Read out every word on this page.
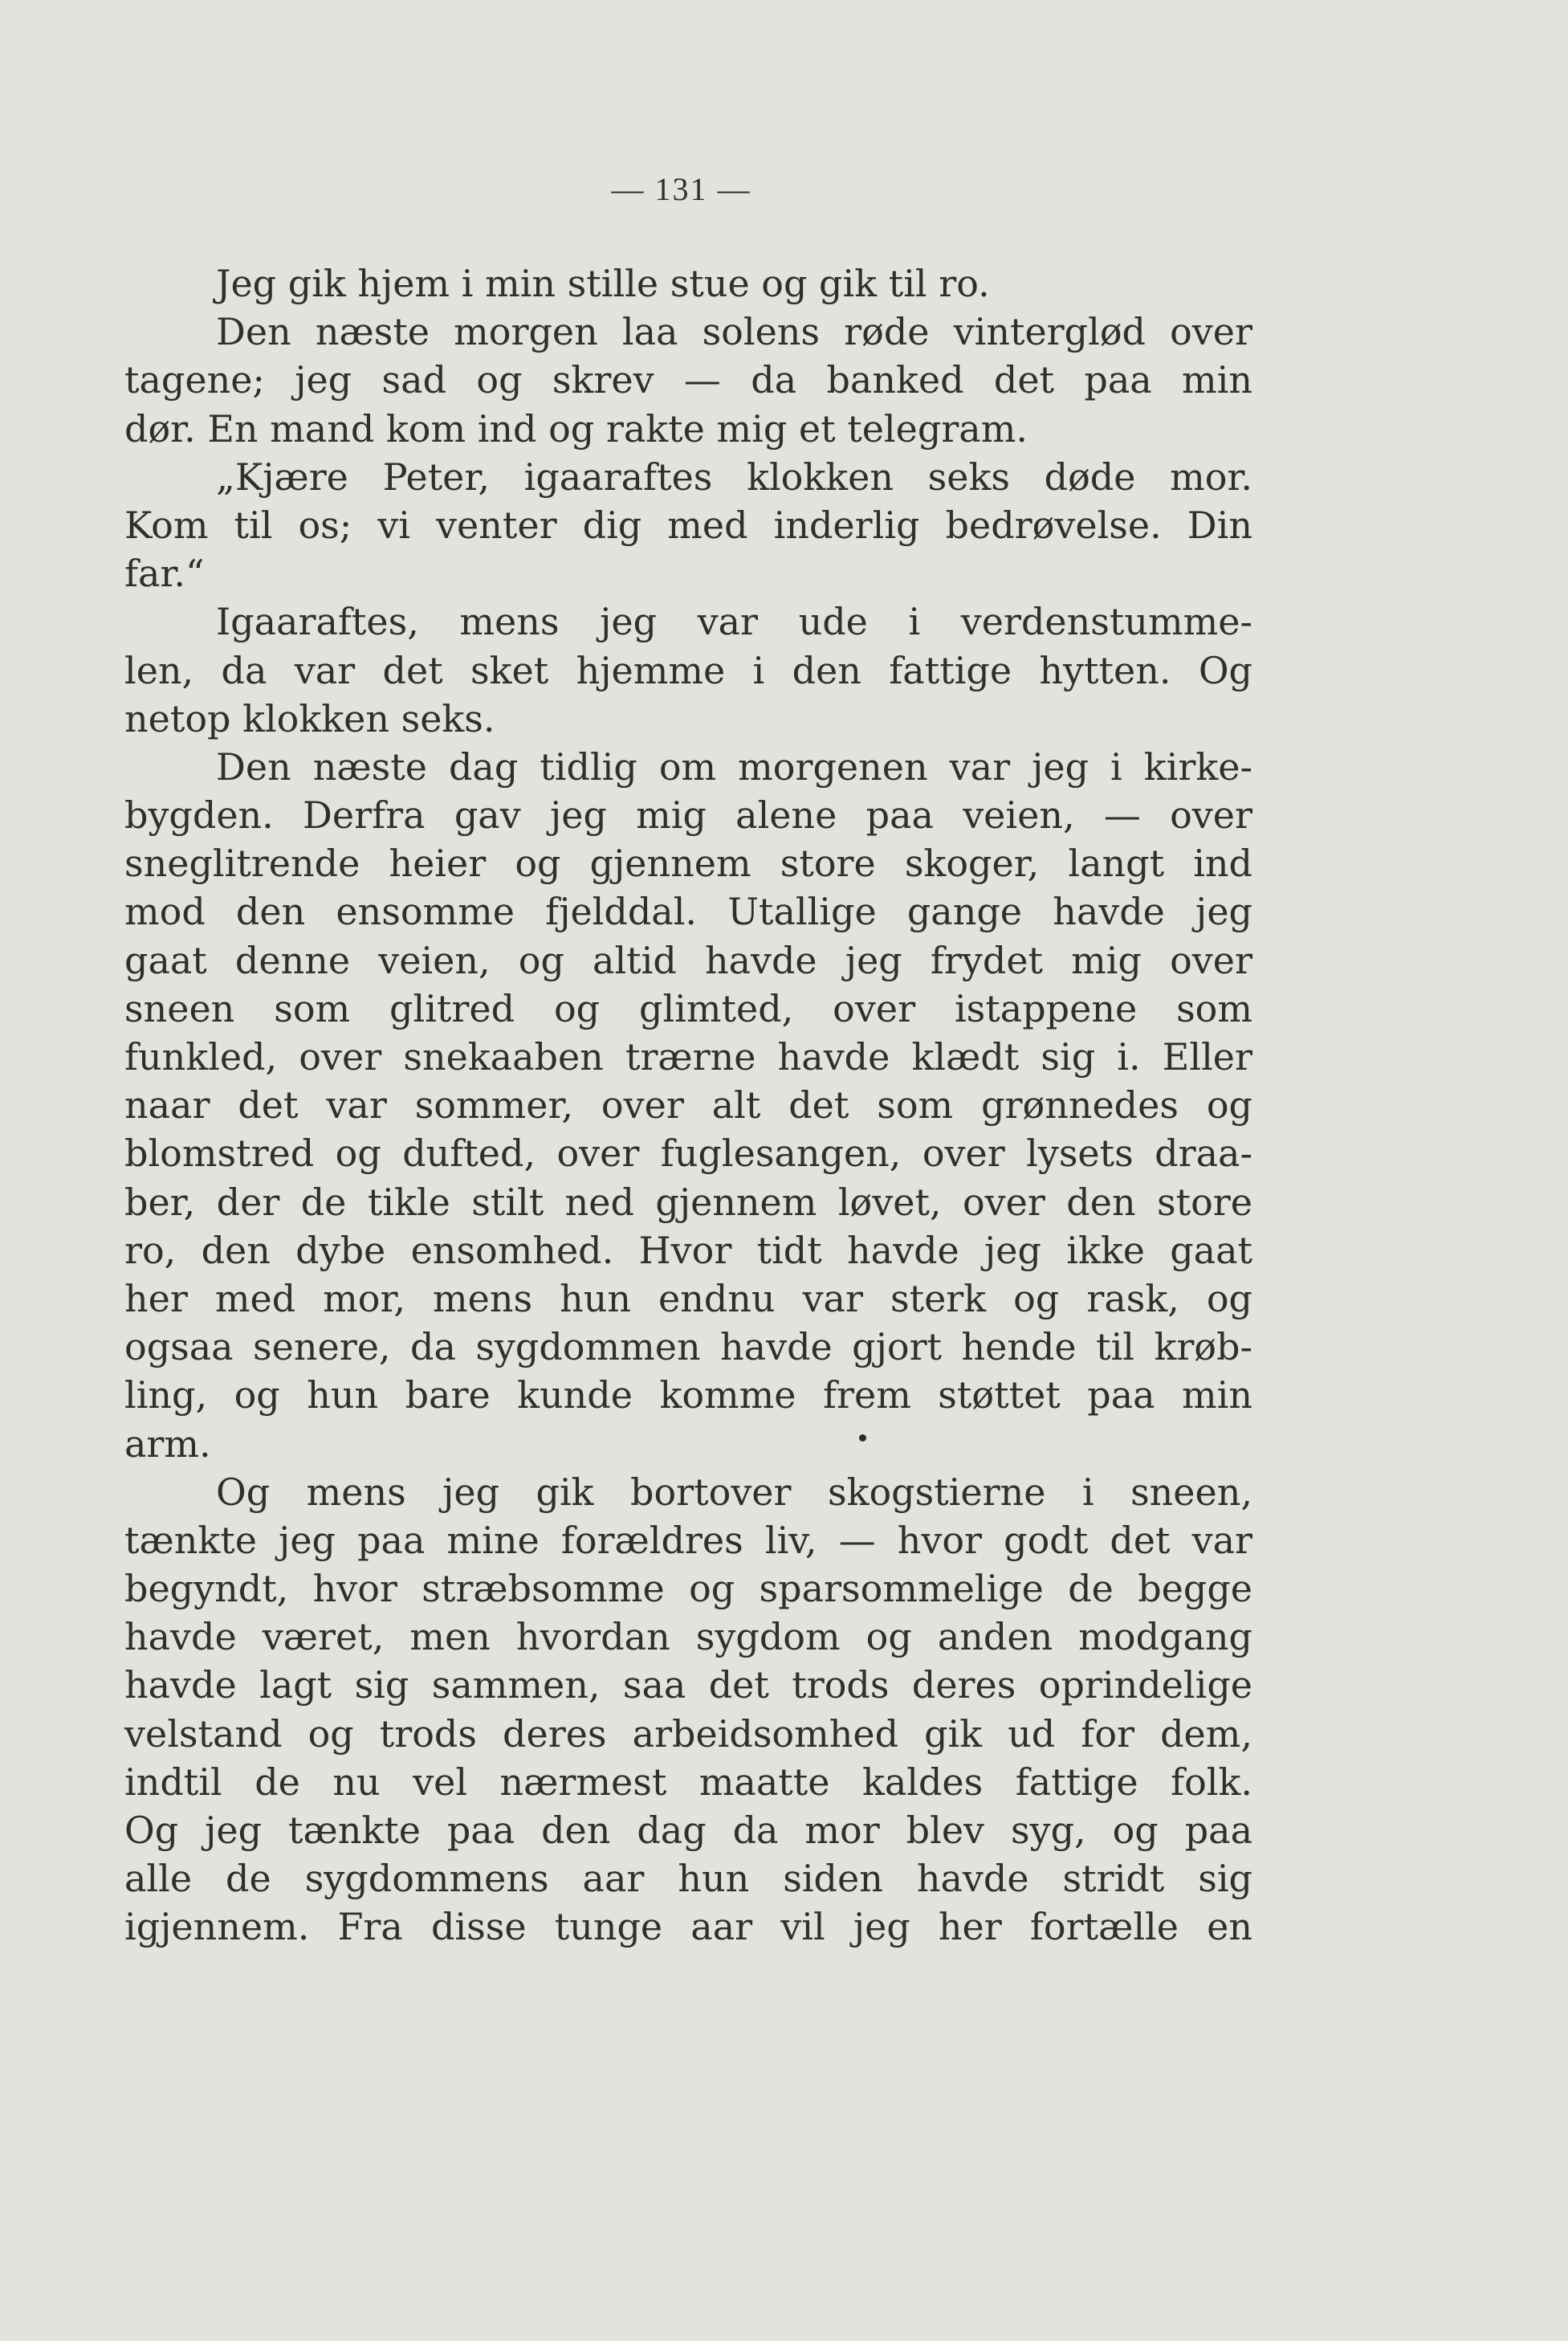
— 131 —
Jeg gik hjem i min stille stue og gik til ro.
Den næste morgen laa solens røde vinterglød over
tagene; jeg sad og skrev — da banked det paa min
dør. En mand kom ind og rakte mig et telegram.
„Kjære Peter, igaaraftes klokken seks døde mor.
Kom til os; vi venter dig med inderlig bedrøvelse. Din
far.“
Igaaraftes, mens jeg var ude i verdenstumme-
len, da var det sket hjemme i den fattige hytten. Og
netop klokken seks.
Den næste dag tidlig om morgenen var jeg i kirke-
bygden. Derfra gav jeg mig alene paa veien, — over
sneglitrende heier og gjennem store skoger, langt ind
mod den ensomme fjelddal. Utallige gange havde jeg
gaat denne veien, og altid havde jeg frydet mig over
sneen som glitred og glimted, over istappene som
funkled, over snekaaben trærne havde klædt sig i. Eller
naar det var sommer, over alt det som grønnedes og
blomstred og dufted, over fuglesangen, over lysets draa-
ber, der de tikle stilt ned gjennem løvet, over den store
ro, den dybe ensomhed. Hvor tidt havde jeg ikke gaat
her med mor, mens hun endnu var sterk og rask, og
ogsaa senere, da sygdommen havde gjort hende til krøb-
ling, og hun bare kunde komme frem støttet paa min
arm.
Og mens jeg gik bortover skogstierne i sneen,
tænkte jeg paa mine forældres liv, — hvor godt det var
begyndt, hvor stræbsomme og sparsommelige de begge
havde været, men hvordan sygdom og anden modgang
havde lagt sig sammen, saa det trods deres oprindelige
velstand og trods deres arbeidsomhed gik ud for dem,
indtil de nu vel nærmest maatte kaldes fattige folk.
Og jeg tænkte paa den dag da mor blev syg, og paa
alle de sygdommens aar hun siden havde stridt sig
igjennem. Fra disse tunge aar vil jeg her fortælle en
